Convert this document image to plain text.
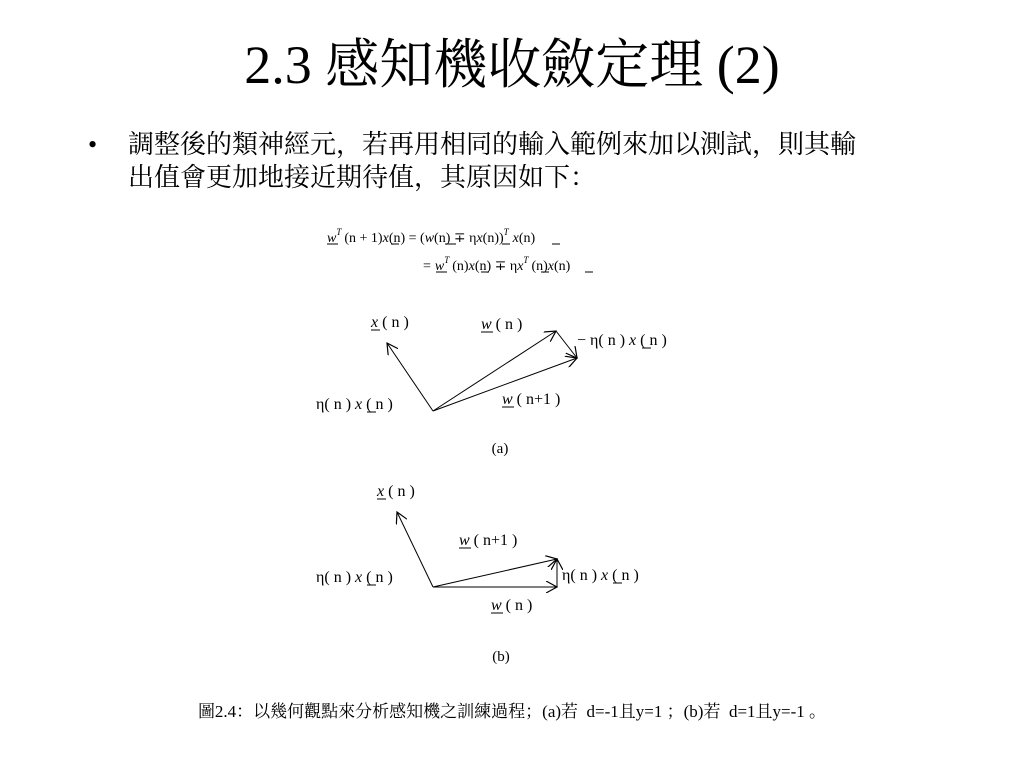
2.3 感知機收斂定理 (2)
•	調整後的類神經元，若再用相同的輸入範例來加以測試，則其輸
出值會更加地接近期待值，其原因如下：
$w^T$ $(n + 1)x(n) = (w(n) \mp \eta x(n))^T$ x(n)
= $w^T$ $(n)x(n) \mp \eta x^T$ (n)x(n)
x ( n )	w ( n )
− η( n ) x ( n )
η( n ) x ( n )	w ( n+1 )
(a)
x ( n )
w ( n+1 )
η( n ) x ( n )	η( n ) x ( n )
w ( n )
(b)
圖2.4：以幾何觀點來分析感知機之訓練過程；(a)若  d=-1且y=1 ；(b)若  d=1且y=-1 。
